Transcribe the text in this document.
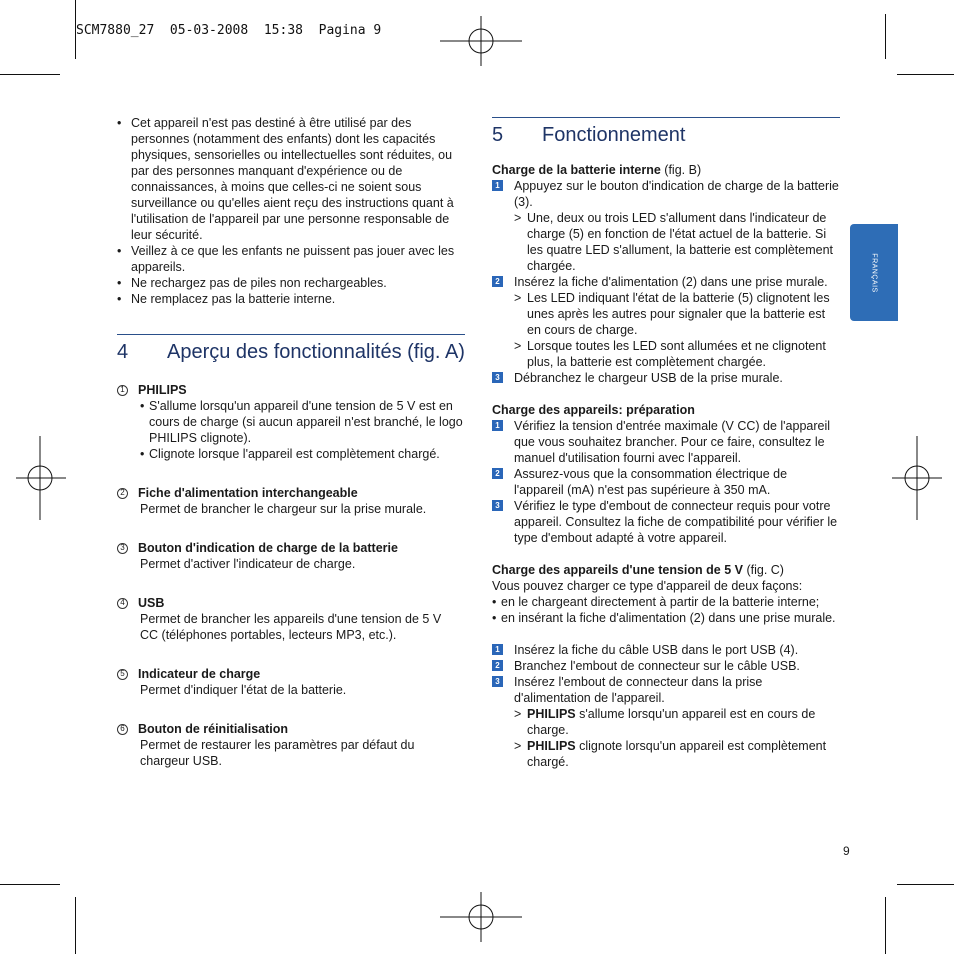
SCM7880_27  05-03-2008  15:38  Pagina 9
FRANÇAIS

• Cet appareil n'est pas destiné à être utilisé par des personnes (notamment des enfants) dont les capacités physiques, sensorielles ou intellectuelles sont réduites, ou par des personnes manquant d'expérience ou de connaissances, à moins que celles-ci ne soient sous surveillance ou qu'elles aient reçu des instructions quant à l'utilisation de l'appareil par une personne responsable de leur sécurité.

• Veillez à ce que les enfants ne puissent pas jouer avec les appareils.

• Ne rechargez pas de piles non rechargeables.

• Ne remplacez pas la batterie interne.

4	Aperçu des fonctionnalités (fig. A)
1 PHILIPS

• S'allume lorsqu'un appareil d'une tension de 5 V est en cours de charge (si aucun appareil n'est branché, le logo PHILIPS clignote).

• Clignote lorsque l'appareil est complètement chargé.

2 Fiche d'alimentation interchangeable

Permet de brancher le chargeur sur la prise murale.

3 Bouton d'indication de charge de la batterie

Permet d'activer l'indicateur de charge.

4 USB

Permet de brancher les appareils d'une tension de 5 V CC (téléphones portables, lecteurs MP3, etc.).

5 Indicateur de charge

Permet d'indiquer l'état de la batterie.

6 Bouton de réinitialisation

Permet de restaurer les paramètres par défaut du chargeur USB.

5	Fonctionnement

Charge de la batterie interne (fig. B)

1 Appuyez sur le bouton d'indication de charge de la batterie (3).

> Une, deux ou trois LED s'allument dans l'indicateur de charge (5) en fonction de l'état actuel de la batterie. Si les quatre LED s'allument, la batterie est complètement chargée.

2 Insérez la fiche d'alimentation (2) dans une prise murale.

> Les LED indiquant l'état de la batterie (5) clignotent les unes après les autres pour signaler que la batterie est en cours de charge.

> Lorsque toutes les LED sont allumées et ne clignotent plus, la batterie est complètement chargée.

3 Débranchez le chargeur USB de la prise murale.

Charge des appareils: préparation

1 Vérifiez la tension d'entrée maximale (V CC) de l'appareil que vous souhaitez brancher. Pour ce faire, consultez le manuel d'utilisation fourni avec l'appareil.

2 Assurez-vous que la consommation électrique de l'appareil (mA) n'est pas supérieure à 350 mA.

3 Vérifiez le type d'embout de connecteur requis pour votre appareil. Consultez la fiche de compatibilité pour vérifier le type d'embout adapté à votre appareil.

Charge des appareils d'une tension de 5 V (fig. C)

Vous pouvez charger ce type d'appareil de deux façons:

• en le chargeant directement à partir de la batterie interne;

• en insérant la fiche d'alimentation (2) dans une prise murale.

1 Insérez la fiche du câble USB dans le port USB (4).

2 Branchez l'embout de connecteur sur le câble USB.

3 Insérez l'embout de connecteur dans la prise d'alimentation de l'appareil.

> PHILIPS s'allume lorsqu'un appareil est en cours de charge.

> PHILIPS clignote lorsqu'un appareil est complètement chargé.

9
